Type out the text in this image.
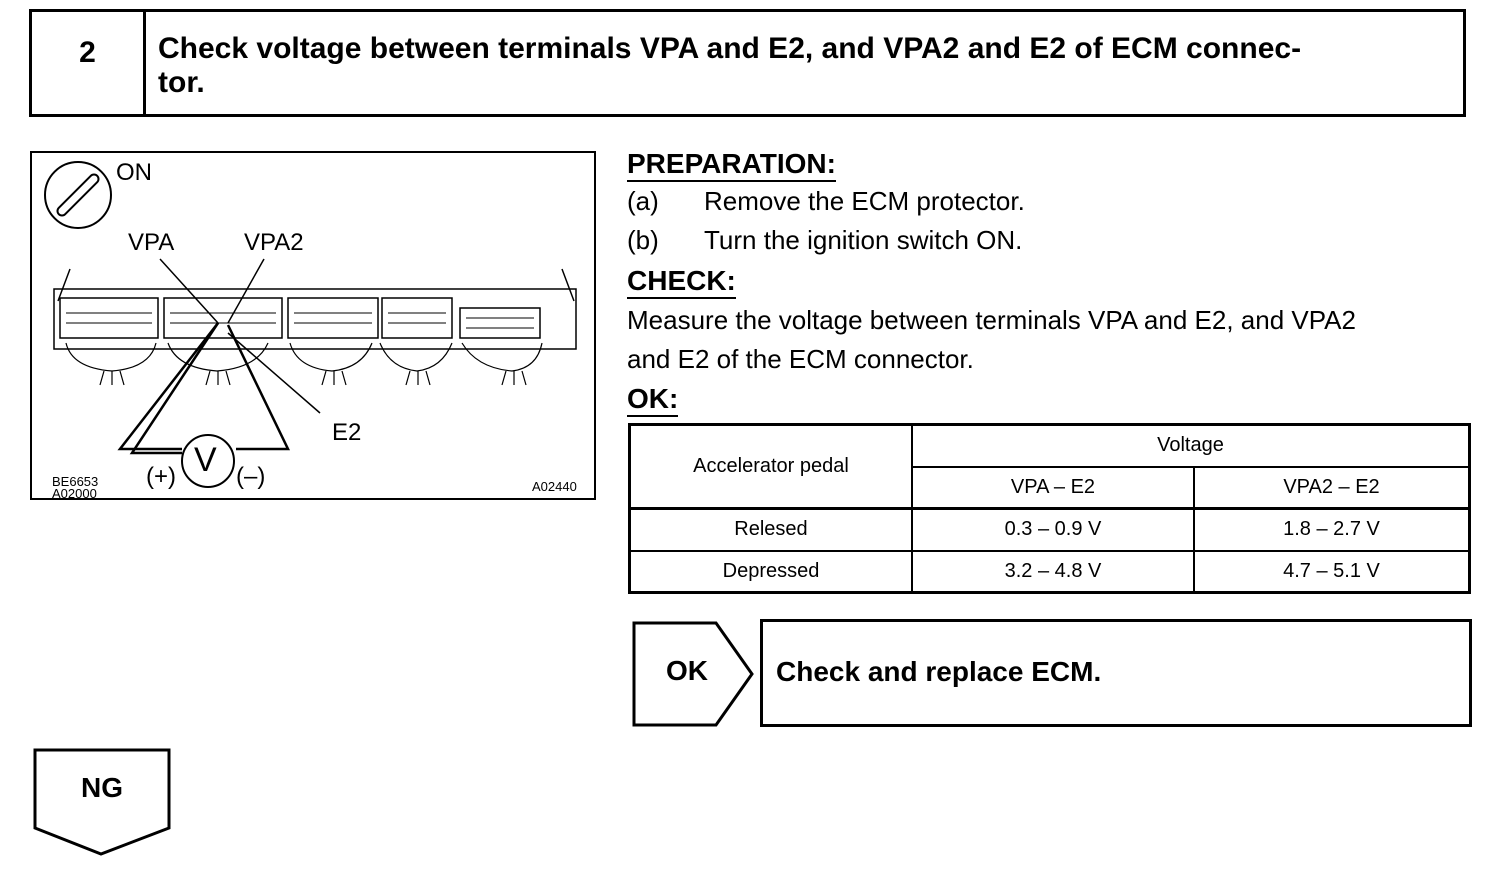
2	Check voltage between terminals VPA and E2, and VPA2 and E2 of ECM connec-
tor.
ON
VPA	VPA2
E2
(+)	(–)
V
BE6653
A02000	A02440
PREPARATION:
(a) Remove the ECM protector.
(b) Turn the ignition switch ON.
CHECK:
Measure the voltage between terminals VPA and E2, and VPA2
and E2 of the ECM connector.
OK:
Accelerator pedal	Voltage	
	VPA – E2	VPA2 – E2
Relesed	0.3 – 0.9 V	1.8 – 2.7 V
Depressed	3.2 – 4.8 V	4.7 – 5.1 V
OK	Check and replace ECM.
NG
